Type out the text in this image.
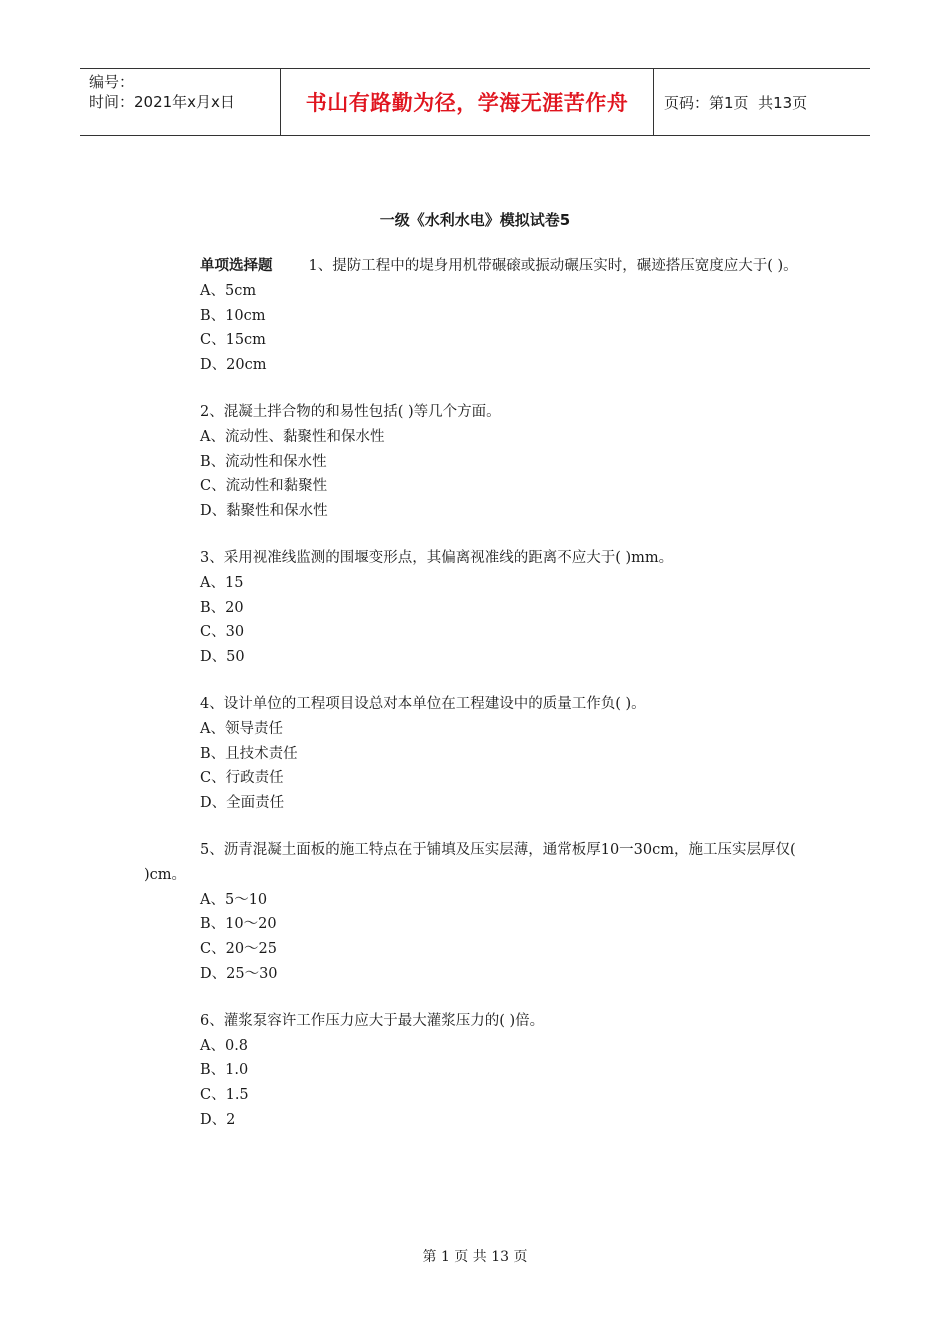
编号：
时间：2021年x月x日	书山有路勤为径，学海无涯苦作舟	页码：第1页  共13页
一级《水利水电》模拟试卷5
单项选择题 1、提防工程中的堤身用机带碾磙或振动碾压实时，碾迹搭压宽度应大于( )。
A、5cm
B、10cm
C、15cm
D、20cm
2、混凝土拌合物的和易性包括( )等几个方面。
A、流动性、黏聚性和保水性
B、流动性和保水性
C、流动性和黏聚性
D、黏聚性和保水性
3、采用视准线监测的围堰变形点，其偏离视准线的距离不应大于( )mm。
A、15
B、20
C、30
D、50
4、设计单位的工程项目设总对本单位在工程建设中的质量工作负( )。
A、领导责任
B、且技术责任
C、行政责任
D、全面责任
5、沥青混凝土面板的施工特点在于铺填及压实层薄，通常板厚10一30cm，施工压实层厚仅( )cm。
A、5～10
B、10～20
C、20～25
D、25～30
6、灌浆泵容许工作压力应大于最大灌浆压力的( )倍。
A、0.8
B、1.0
C、1.5
D、2
第 1 页 共 13 页
